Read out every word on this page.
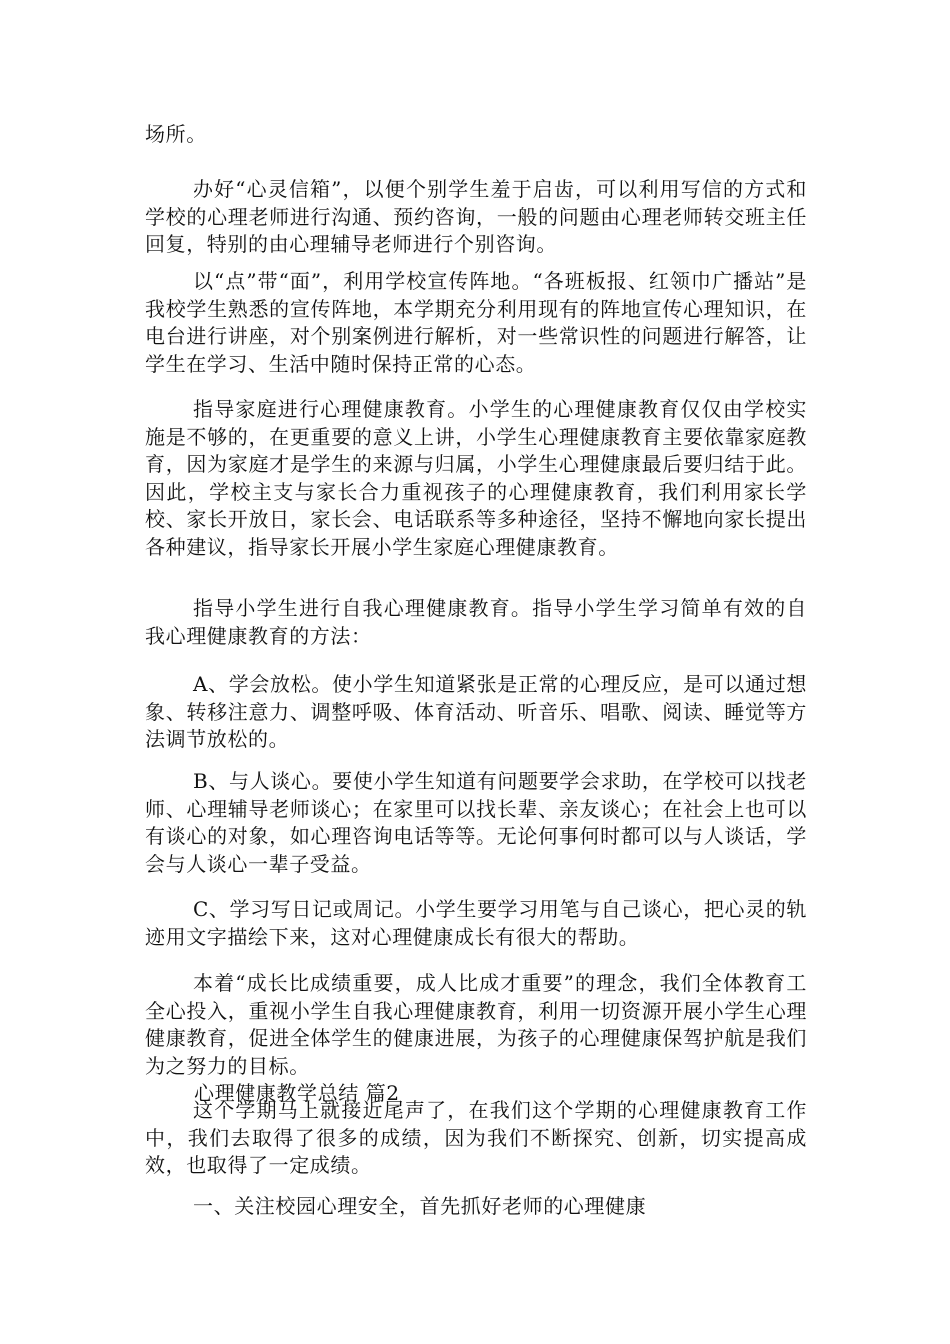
场所。

办好“心灵信箱”，以便个别学生羞于启齿，可以利用写信的方式和学校的心理老师进行沟通、预约咨询，一般的问题由心理老师转交班主任回复，特别的由心理辅导老师进行个别咨询。

以“点”带“面”，利用学校宣传阵地。“各班板报、红领巾广播站”是我校学生熟悉的宣传阵地，本学期充分利用现有的阵地宣传心理知识，在电台进行讲座，对个别案例进行解析，对一些常识性的问题进行解答，让学生在学习、生活中随时保持正常的心态。

指导家庭进行心理健康教育。小学生的心理健康教育仅仅由学校实施是不够的，在更重要的意义上讲，小学生心理健康教育主要依靠家庭教育，因为家庭才是学生的来源与归属，小学生心理健康最后要归结于此。因此，学校主支与家长合力重视孩子的心理健康教育，我们利用家长学校、家长开放日，家长会、电话联系等多种途径，坚持不懈地向家长提出各种建议，指导家长开展小学生家庭心理健康教育。

指导小学生进行自我心理健康教育。指导小学生学习简单有效的自我心理健康教育的方法：

A、学会放松。使小学生知道紧张是正常的心理反应，是可以通过想象、转移注意力、调整呼吸、体育活动、听音乐、唱歌、阅读、睡觉等方法调节放松的。

B、与人谈心。要使小学生知道有问题要学会求助，在学校可以找老师、心理辅导老师谈心；在家里可以找长辈、亲友谈心；在社会上也可以有谈心的对象，如心理咨询电话等等。无论何事何时都可以与人谈话，学会与人谈心一辈子受益。

C、学习写日记或周记。小学生要学习用笔与自己谈心，把心灵的轨迹用文字描绘下来，这对心理健康成长有很大的帮助。

本着“成长比成绩重要，成人比成才重要”的理念，我们全体教育工全心投入，重视小学生自我心理健康教育，利用一切资源开展小学生心理健康教育，促进全体学生的健康进展，为孩子的心理健康保驾护航是我们为之努力的目标。

心理健康教学总结 篇2

这个学期马上就接近尾声了，在我们这个学期的心理健康教育工作中，我们去取得了很多的成绩，因为我们不断探究、创新，切实提高成效，也取得了一定成绩。

一、关注校园心理安全，首先抓好老师的心理健康
